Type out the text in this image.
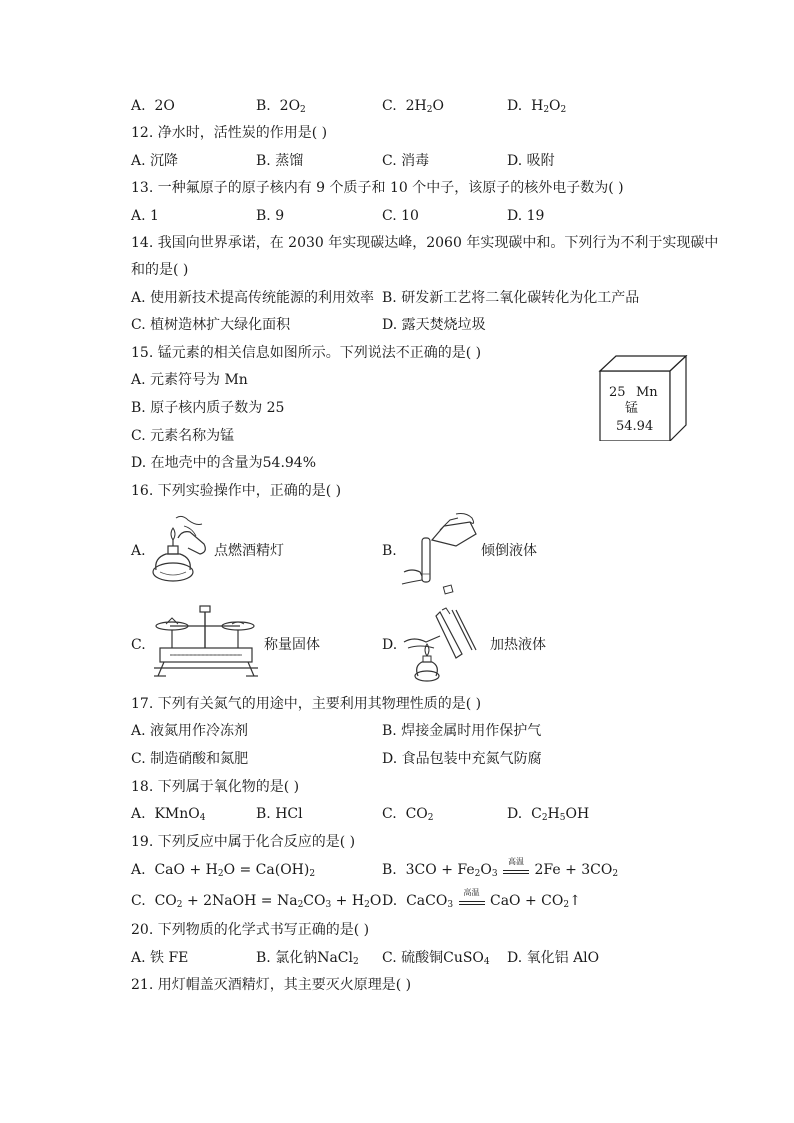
A. 2O	B. $2O_2$	C. $2H_2O$	D. $H_2O_2$
12. 净水时，活性炭的作用是( )
A. 沉降	B. 蒸馏	C. 消毒	D. 吸附
13. 一种氟原子的原子核内有 9 个质子和 10 个中子，该原子的核外电子数为( )
A. 1	B. 9	C. 10	D. 19
14. 我国向世界承诺，在 2030 年实现碳达峰，2060 年实现碳中和。下列行为不利于实现碳中
和的是( )
A. 使用新技术提高传统能源的利用效率 B. 研发新工艺将二氧化碳转化为化工产品
C. 植树造林扩大绿化面积	D. 露天焚烧垃圾
15. 锰元素的相关信息如图所示。下列说法不正确的是( )
A. 元素符号为 Mn
B. 原子核内质子数为 25
C. 元素名称为锰
D. 在地壳中的含量为54.94%
25 Mn
锰
54.94
16. 下列实验操作中，正确的是( )
A.	点燃酒精灯	B.	倾倒液体
C.	称量固体	D.	加热液体
17. 下列有关氮气的用途中，主要利用其物理性质的是( )
A. 液氮用作冷冻剂	B. 焊接金属时用作保护气
C. 制造硝酸和氮肥	D. 食品包装中充氮气防腐
18. 下列属于氧化物的是( )
A.  KMnO$_4$	B. HCl	C.  $CO_2$	D.  $C_2H_5OH$
19. 下列反应中属于化合反应的是( )
A.  CaO + $H_2O = Ca(OH)_2$	B.  $3CO + Fe_2O_3$
高温
$2Fe + 3CO_2$
C.  $CO_2$ + 2NaOH = $Na_2CO_3 + H_2O$ D.  CaCO$_3$
高温
CaO + $CO_2↑$
20. 下列物质的化学式书写正确的是( )
A. 铁 FE	B. 氯化钠NaCl$_2$ C. 硫酸铜CuSO$_4$ D. 氧化铝 AlO
21. 用灯帽盖灭酒精灯，其主要灭火原理是( )
